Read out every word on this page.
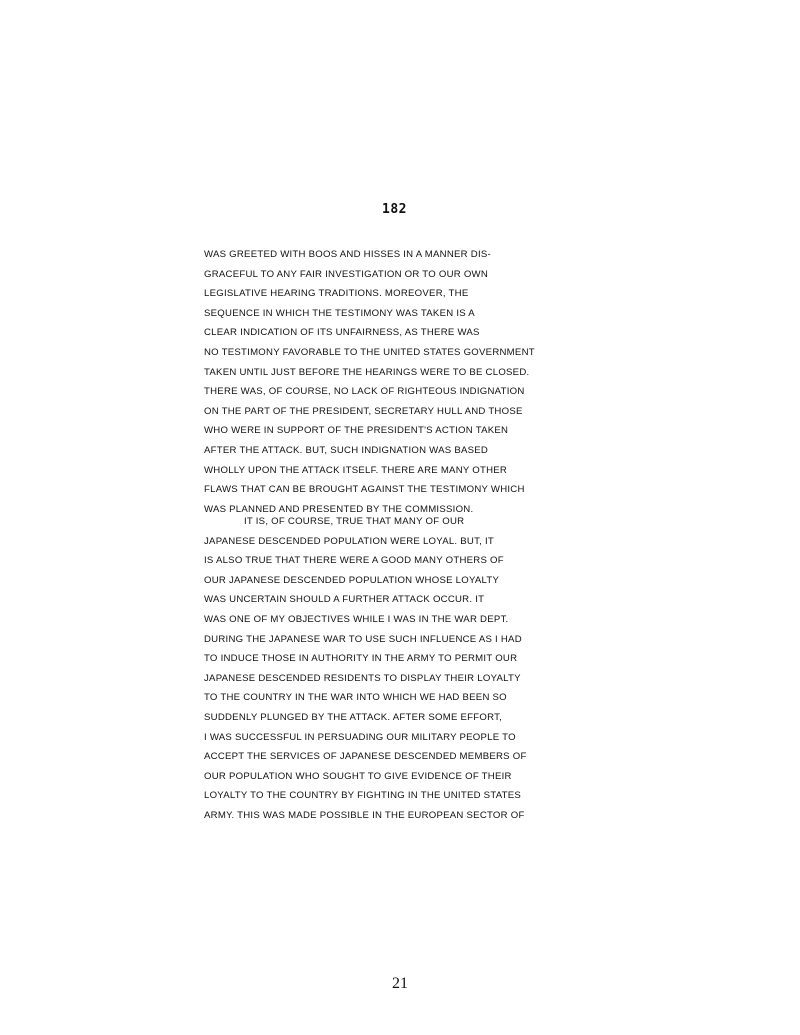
182
WAS GREETED WITH BOOS AND HISSES IN A MANNER DIS-
GRACEFUL TO ANY FAIR INVESTIGATION OR TO OUR OWN
LEGISLATIVE HEARING TRADITIONS. MOREOVER, THE
SEQUENCE IN WHICH THE TESTIMONY WAS TAKEN IS A
CLEAR INDICATION OF ITS UNFAIRNESS, AS THERE WAS
NO TESTIMONY FAVORABLE TO THE UNITED STATES GOVERNMENT
TAKEN UNTIL JUST BEFORE THE HEARINGS WERE TO BE CLOSED.
THERE WAS, OF COURSE, NO LACK OF RIGHTEOUS INDIGNATION
ON THE PART OF THE PRESIDENT, SECRETARY HULL AND THOSE
WHO WERE IN SUPPORT OF THE PRESIDENT'S ACTION TAKEN
AFTER THE ATTACK. BUT, SUCH INDIGNATION WAS BASED
WHOLLY UPON THE ATTACK ITSELF. THERE ARE MANY OTHER
FLAWS THAT CAN BE BROUGHT AGAINST THE TESTIMONY WHICH
WAS PLANNED AND PRESENTED BY THE COMMISSION.
IT IS, OF COURSE, TRUE THAT MANY OF OUR
JAPANESE DESCENDED POPULATION WERE LOYAL. BUT, IT
IS ALSO TRUE THAT THERE WERE A GOOD MANY OTHERS OF
OUR JAPANESE DESCENDED POPULATION WHOSE LOYALTY
WAS UNCERTAIN SHOULD A FURTHER ATTACK OCCUR. IT
WAS ONE OF MY OBJECTIVES WHILE I WAS IN THE WAR DEPT.
DURING THE JAPANESE WAR TO USE SUCH INFLUENCE AS I HAD
TO INDUCE THOSE IN AUTHORITY IN THE ARMY TO PERMIT OUR
JAPANESE DESCENDED RESIDENTS TO DISPLAY THEIR LOYALTY
TO THE COUNTRY IN THE WAR INTO WHICH WE HAD BEEN SO
SUDDENLY PLUNGED BY THE ATTACK. AFTER SOME EFFORT,
I WAS SUCCESSFUL IN PERSUADING OUR MILITARY PEOPLE TO
ACCEPT THE SERVICES OF JAPANESE DESCENDED MEMBERS OF
OUR POPULATION WHO SOUGHT TO GIVE EVIDENCE OF THEIR
LOYALTY TO THE COUNTRY BY FIGHTING IN THE UNITED STATES
ARMY. THIS WAS MADE POSSIBLE IN THE EUROPEAN SECTOR OF
21
